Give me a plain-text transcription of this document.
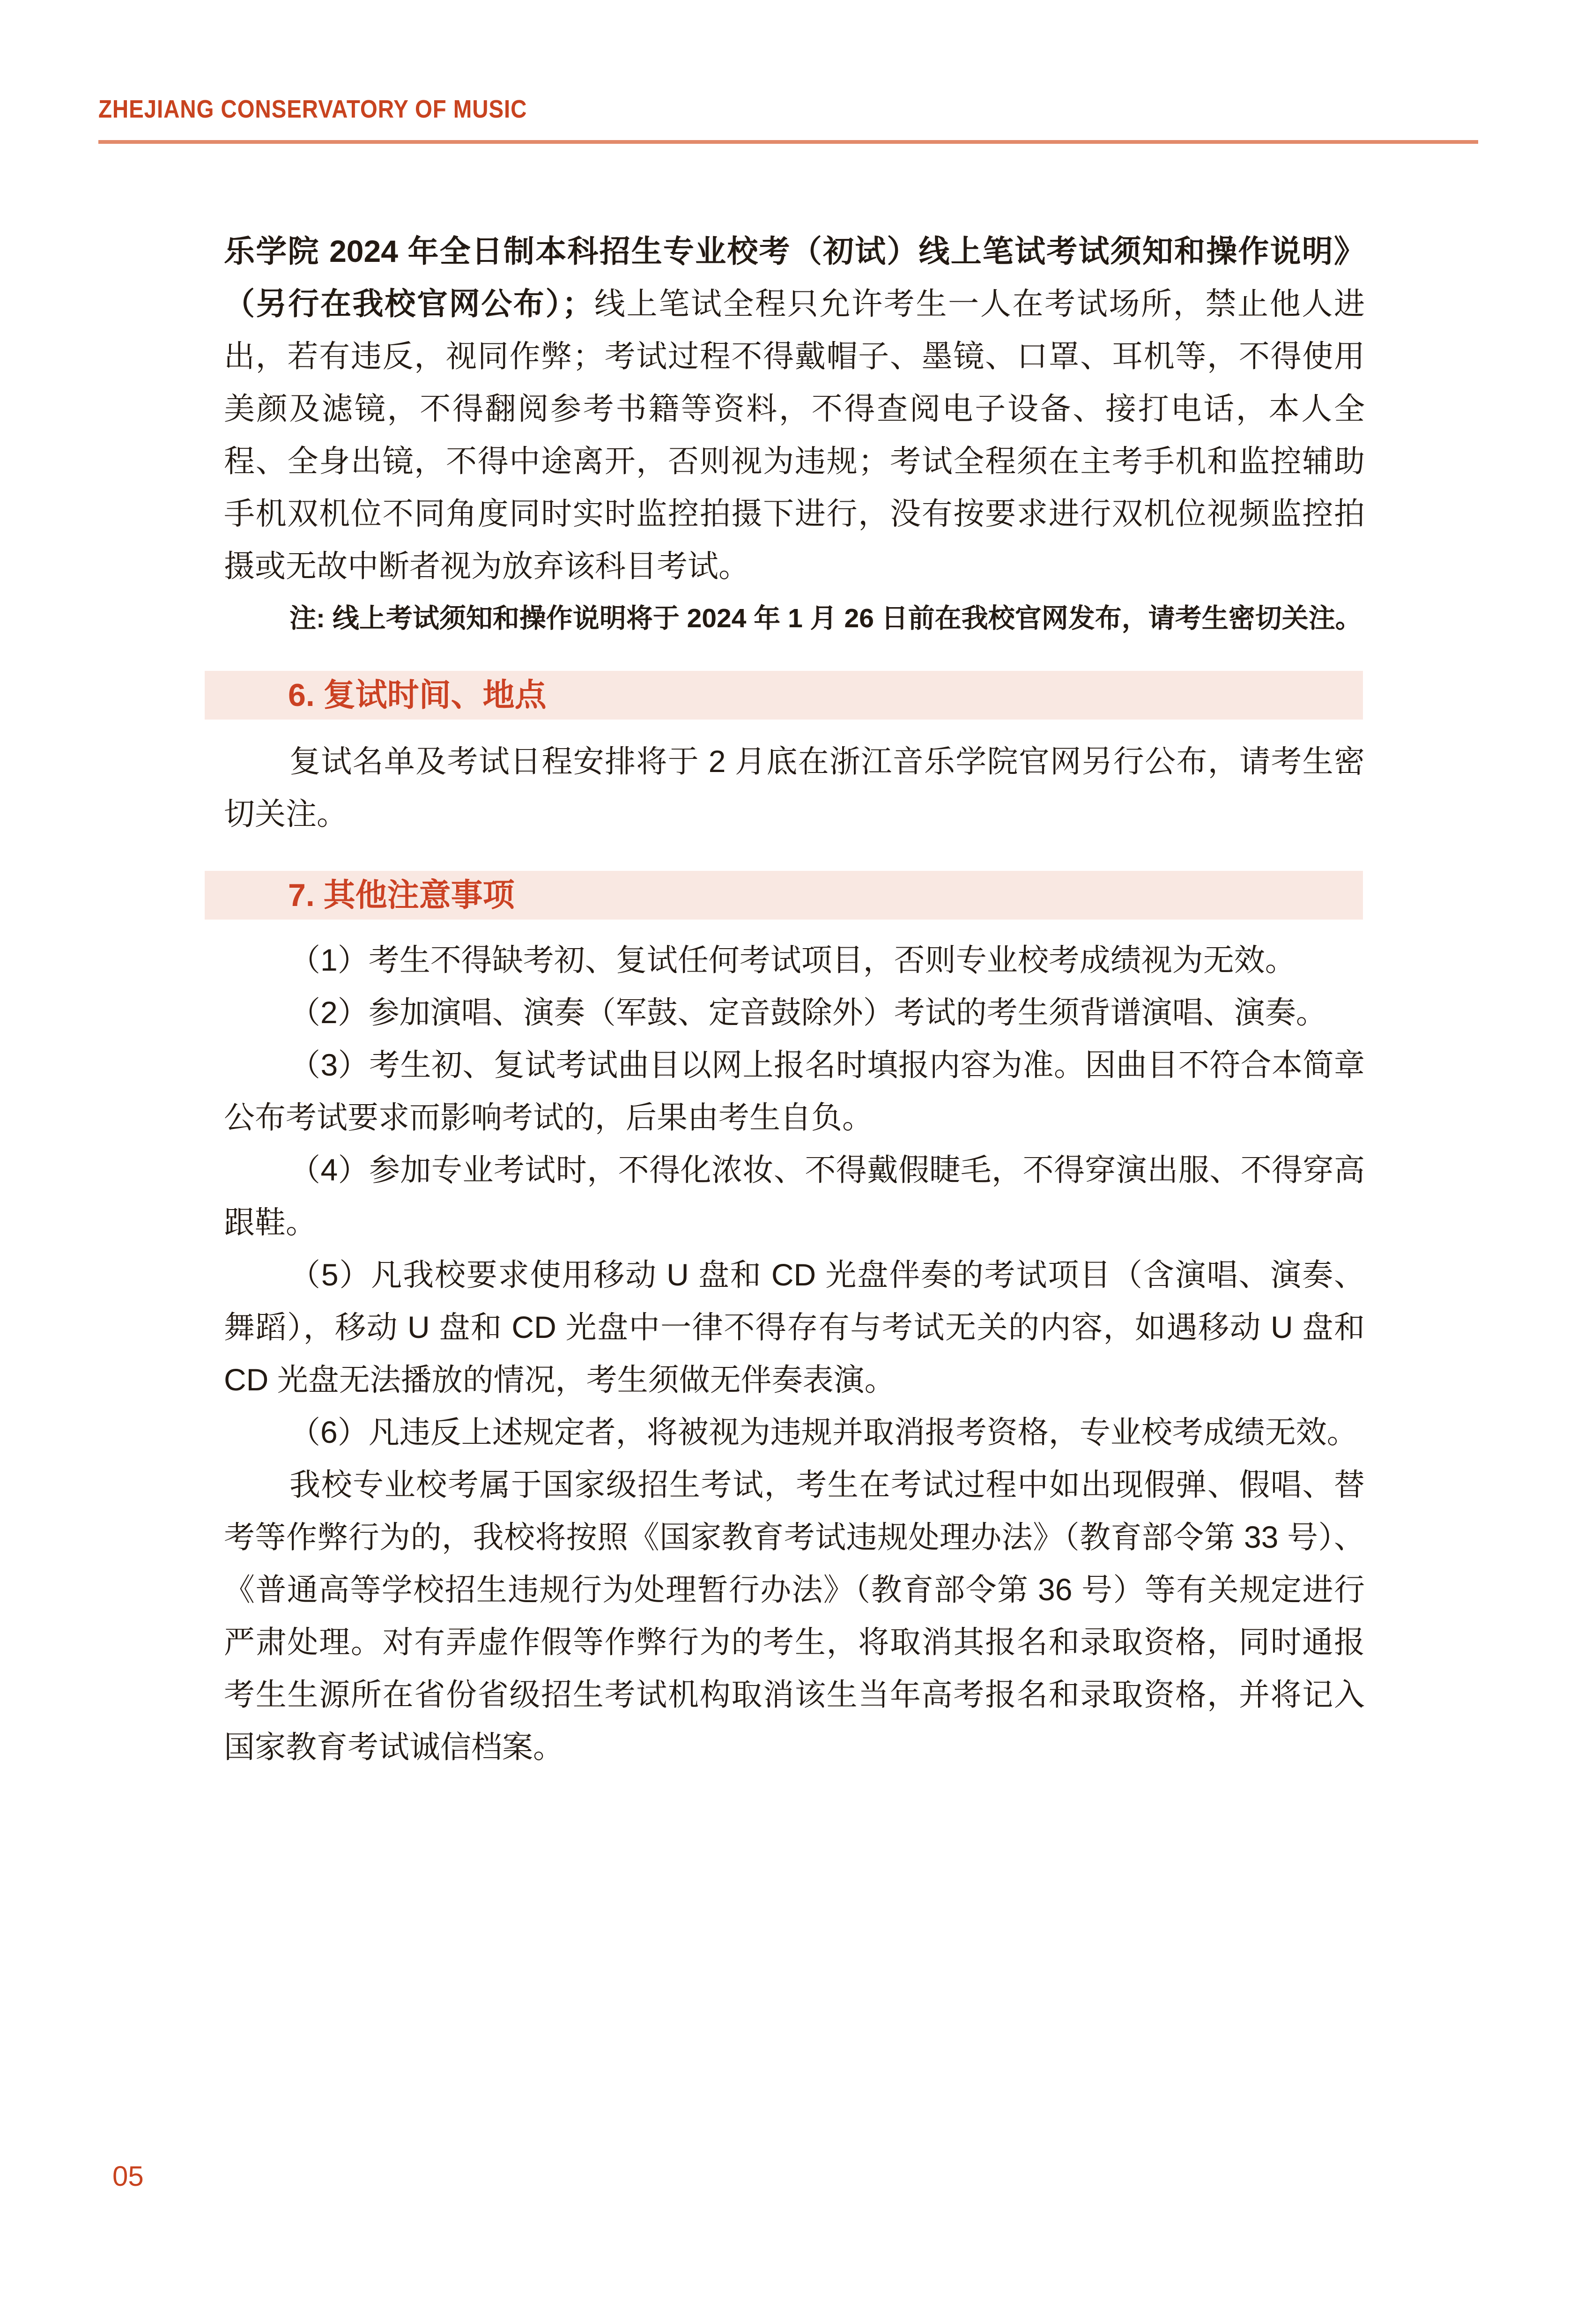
ZHEJIANG CONSERVATORY OF MUSIC

乐学院 2024 年全日制本科招生专业校考（初试）线上笔试考试须知和操作说明》（另行在我校官网公布）；线上笔试全程只允许考生一人在考试场所，禁止他人进出，若有违反，视同作弊；考试过程不得戴帽子、墨镜、口罩、耳机等，不得使用美颜及滤镜，不得翻阅参考书籍等资料，不得查阅电子设备、接打电话，本人全程、全身出镜，不得中途离开，否则视为违规；考试全程须在主考手机和监控辅助手机双机位不同角度同时实时监控拍摄下进行，没有按要求进行双机位视频监控拍摄或无故中断者视为放弃该科目考试。

注: 线上考试须知和操作说明将于 2024 年 1 月 26 日前在我校官网发布，请考生密切关注。

6. 复试时间、地点

复试名单及考试日程安排将于 2 月底在浙江音乐学院官网另行公布，请考生密切关注。

7. 其他注意事项

（1）考生不得缺考初、复试任何考试项目，否则专业校考成绩视为无效。

（2）参加演唱、演奏（军鼓、定音鼓除外）考试的考生须背谱演唱、演奏。

（3）考生初、复试考试曲目以网上报名时填报内容为准。因曲目不符合本简章公布考试要求而影响考试的，后果由考生自负。

（4）参加专业考试时，不得化浓妆、不得戴假睫毛，不得穿演出服、不得穿高跟鞋。

（5）凡我校要求使用移动 U 盘和 CD 光盘伴奏的考试项目（含演唱、演奏、舞蹈），移动 U 盘和 CD 光盘中一律不得存有与考试无关的内容，如遇移动 U 盘和 CD 光盘无法播放的情况，考生须做无伴奏表演。

（6）凡违反上述规定者，将被视为违规并取消报考资格，专业校考成绩无效。

我校专业校考属于国家级招生考试，考生在考试过程中如出现假弹、假唱、替考等作弊行为的，我校将按照《国家教育考试违规处理办法》（教育部令第 33 号）、《普通高等学校招生违规行为处理暂行办法》（教育部令第 36 号）等有关规定进行严肃处理。对有弄虚作假等作弊行为的考生，将取消其报名和录取资格，同时通报考生生源所在省份省级招生考试机构取消该生当年高考报名和录取资格，并将记入国家教育考试诚信档案。

05
